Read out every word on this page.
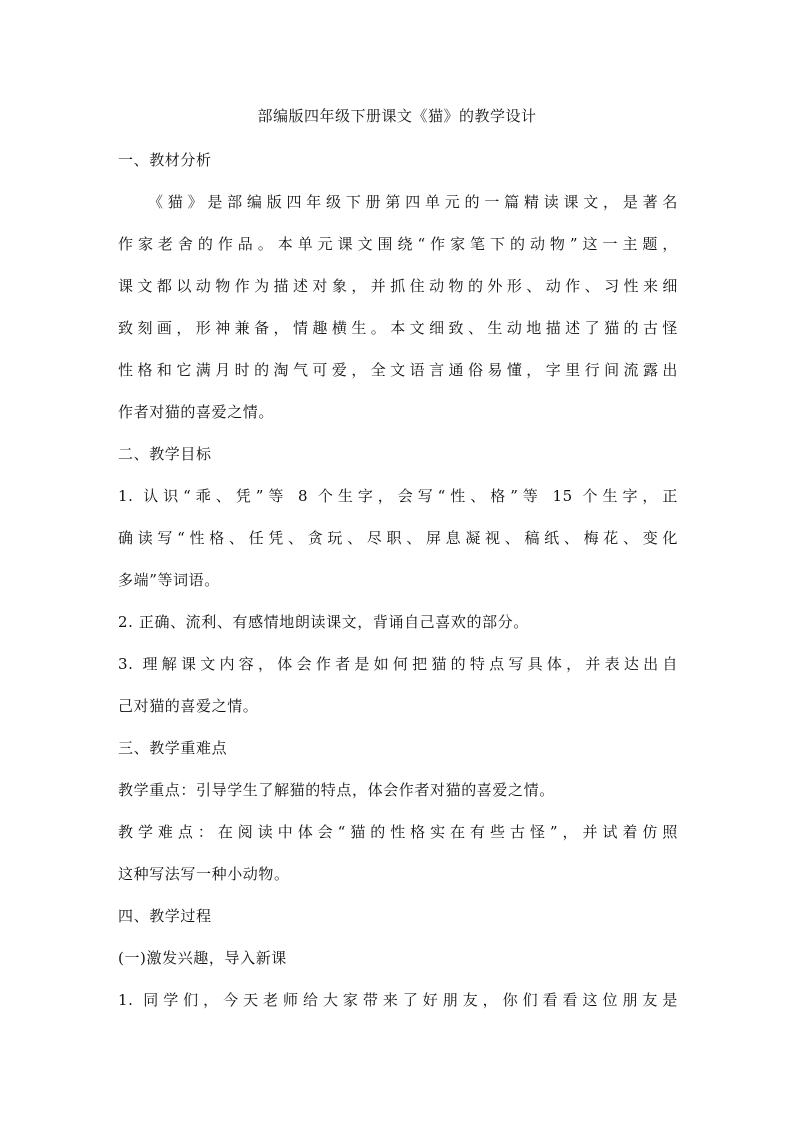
部编版四年级下册课文《猫》的教学设计
一、教材分析
《猫》是部编版四年级下册第四单元的一篇精读课文，是著名
作家老舍的作品。本单元课文围绕“作家笔下的动物”这一主题，
课文都以动物作为描述对象，并抓住动物的外形、动作、习性来细
致刻画，形神兼备，情趣横生。本文细致、生动地描述了猫的古怪
性格和它满月时的淘气可爱，全文语言通俗易懂，字里行间流露出
作者对猫的喜爱之情。
二、教学目标
1. 认识“乖、凭”等 8 个生字，会写“性、格”等 15 个生字，正
确读写“性格、任凭、贪玩、尽职、屏息凝视、稿纸、梅花、变化
多端”等词语。
2. 正确、流利、有感情地朗读课文，背诵自己喜欢的部分。
3. 理解课文内容，体会作者是如何把猫的特点写具体，并表达出自
己对猫的喜爱之情。
三、教学重难点
教学重点：引导学生了解猫的特点，体会作者对猫的喜爱之情。
教学难点：在阅读中体会“猫的性格实在有些古怪”，并试着仿照
这种写法写一种小动物。
四、教学过程
(一)激发兴趣，导入新课
1. 同学们，今天老师给大家带来了好朋友，你们看看这位朋友是
